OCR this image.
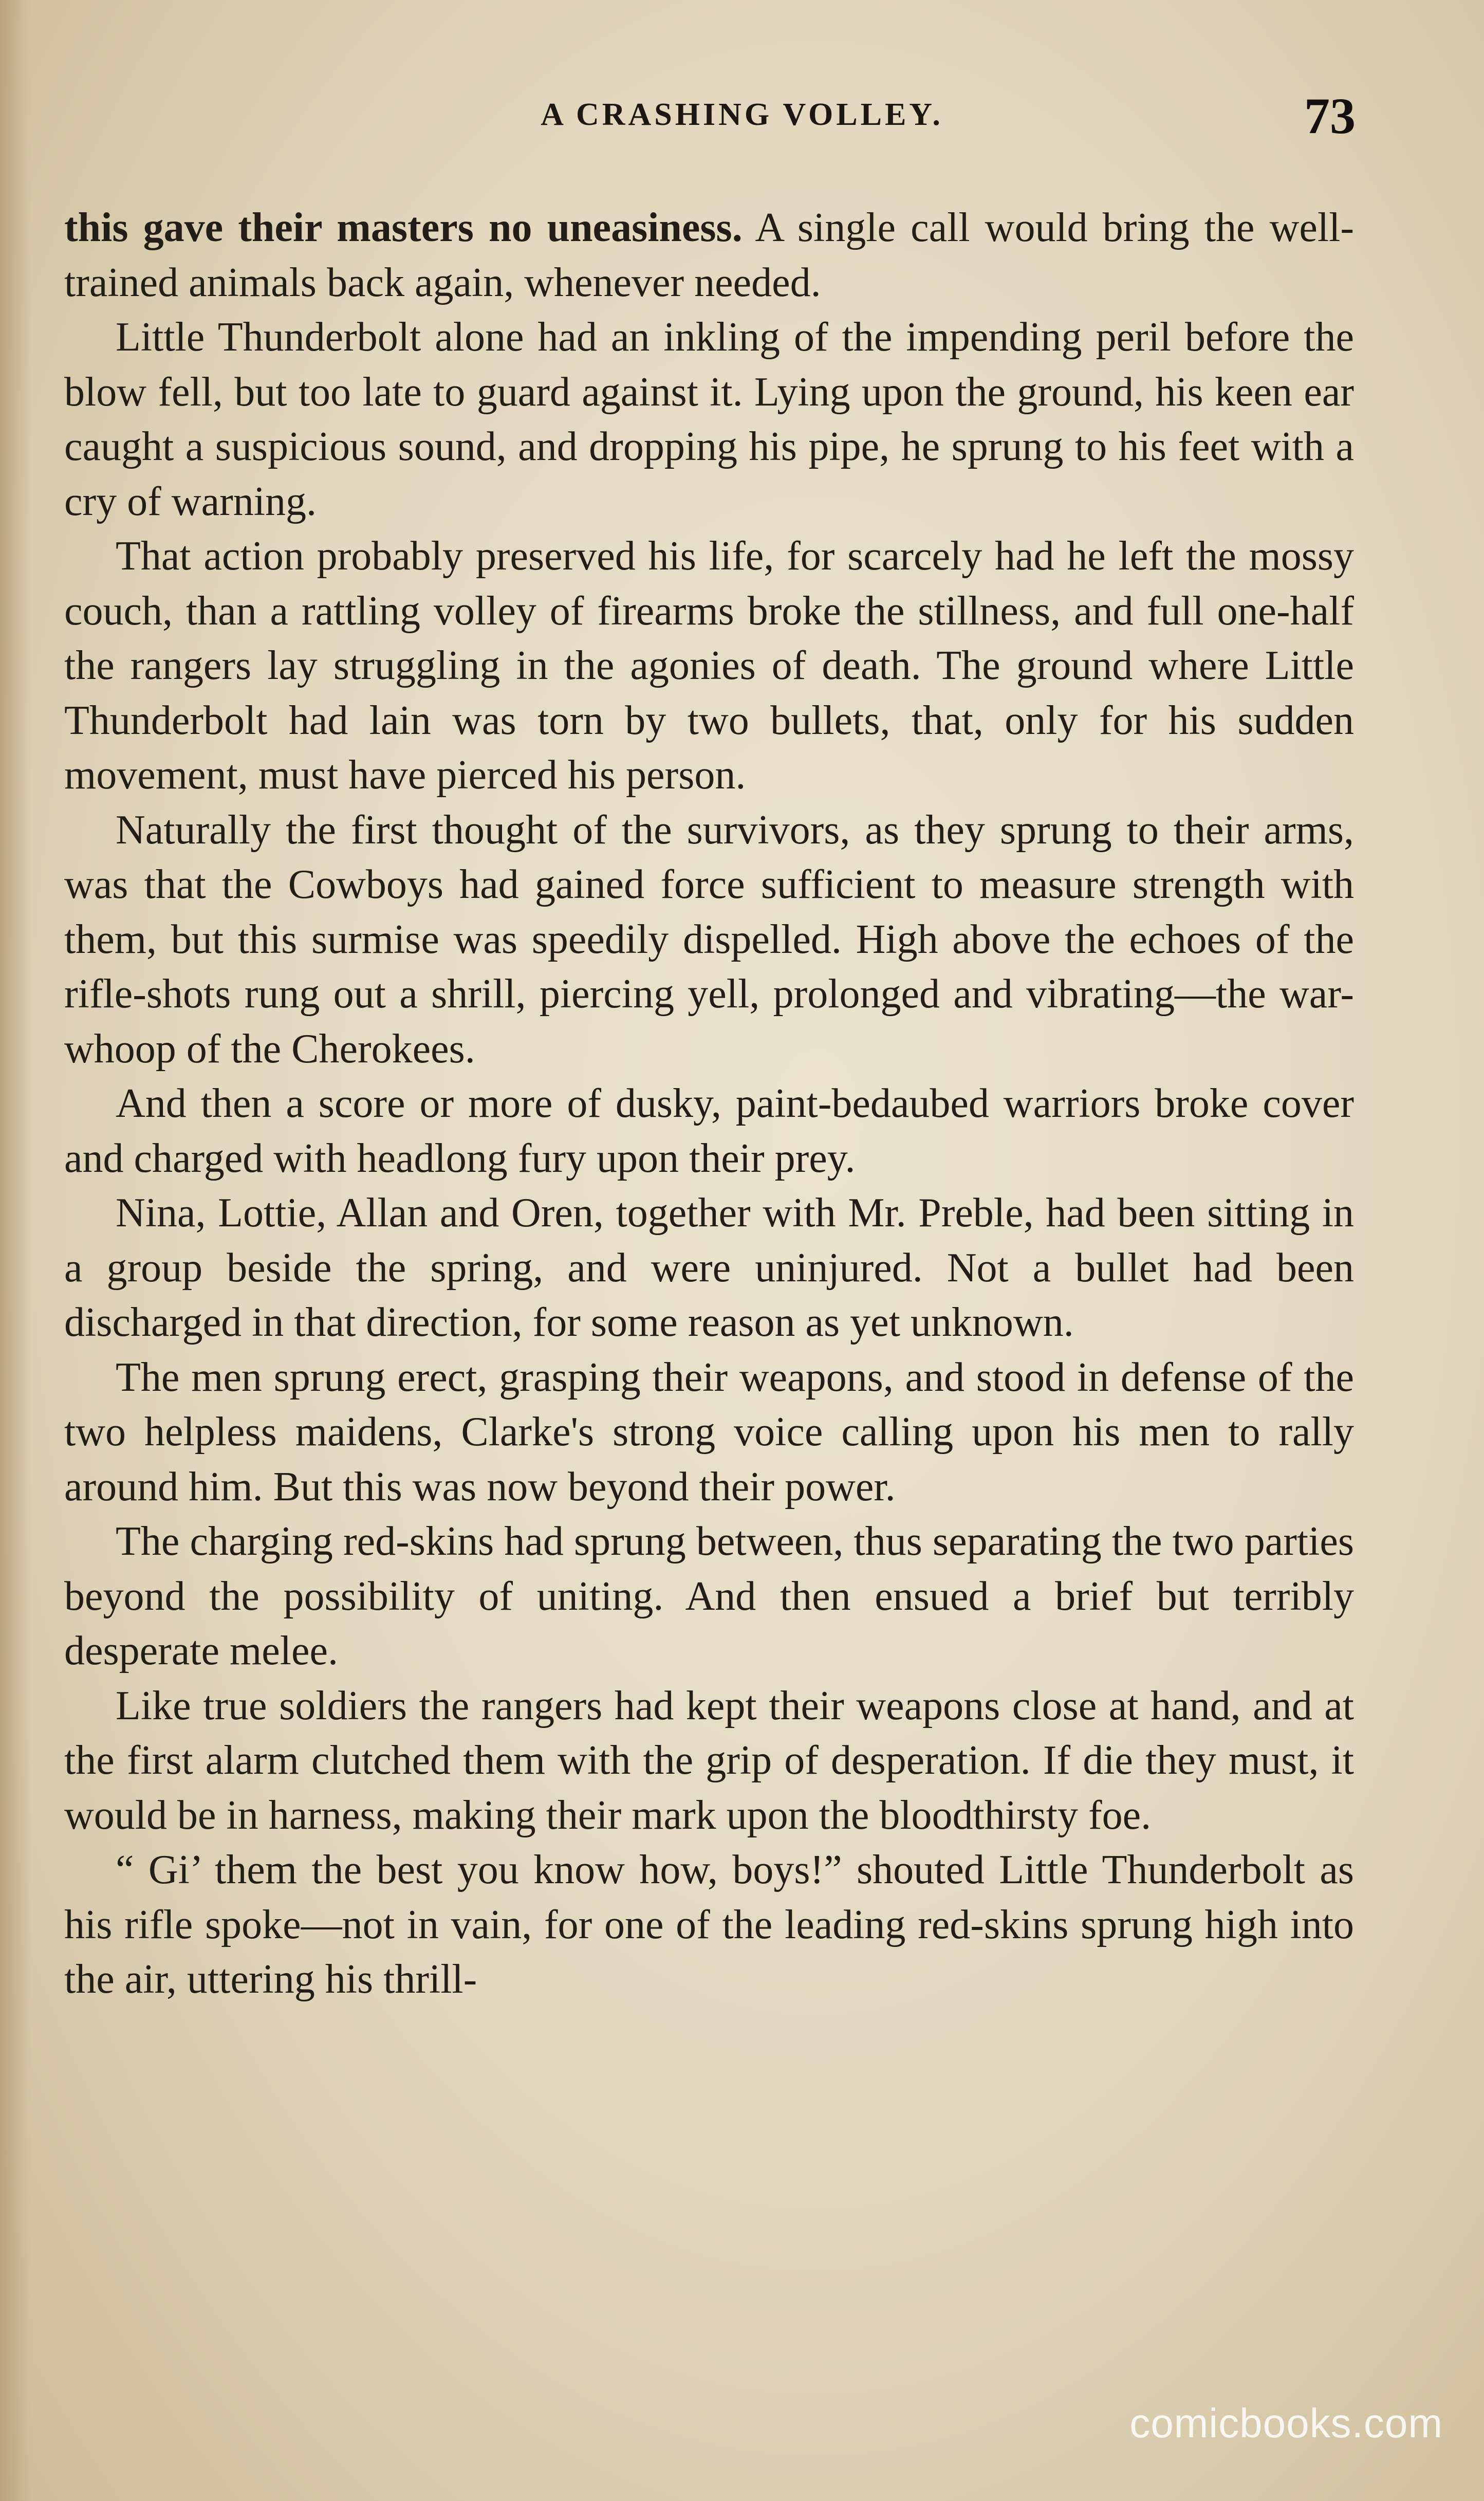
A CRASHING VOLLEY.	73

this gave their masters no uneasiness. A single call would bring the well-trained animals back again, whenever needed.

Little Thunderbolt alone had an inkling of the impending peril before the blow fell, but too late to guard against it. Lying upon the ground, his keen ear caught a suspicious sound, and dropping his pipe, he sprung to his feet with a cry of warning.

That action probably preserved his life, for scarcely had he left the mossy couch, than a rattling volley of firearms broke the stillness, and full one-half the rangers lay struggling in the agonies of death. The ground where Little Thunderbolt had lain was torn by two bullets, that, only for his sudden movement, must have pierced his person.

Naturally the first thought of the survivors, as they sprung to their arms, was that the Cowboys had gained force sufficient to measure strength with them, but this surmise was speedily dispelled. High above the echoes of the rifle-shots rung out a shrill, piercing yell, prolonged and vibrating—the war-whoop of the Cherokees.

And then a score or more of dusky, paint-bedaubed warriors broke cover and charged with headlong fury upon their prey.

Nina, Lottie, Allan and Oren, together with Mr. Preble, had been sitting in a group beside the spring, and were uninjured. Not a bullet had been discharged in that direction, for some reason as yet unknown.

The men sprung erect, grasping their weapons, and stood in defense of the two helpless maidens, Clarke's strong voice calling upon his men to rally around him. But this was now beyond their power.

The charging red-skins had sprung between, thus separating the two parties beyond the possibility of uniting. And then ensued a brief but terribly desperate melee.

Like true soldiers the rangers had kept their weapons close at hand, and at the first alarm clutched them with the grip of desperation. If die they must, it would be in harness, making their mark upon the bloodthirsty foe.

“ Gi’ them the best you know how, boys!” shouted Little Thunderbolt as his rifle spoke—not in vain, for one of the leading red-skins sprung high into the air, uttering his thrill-

comicbooks.com
